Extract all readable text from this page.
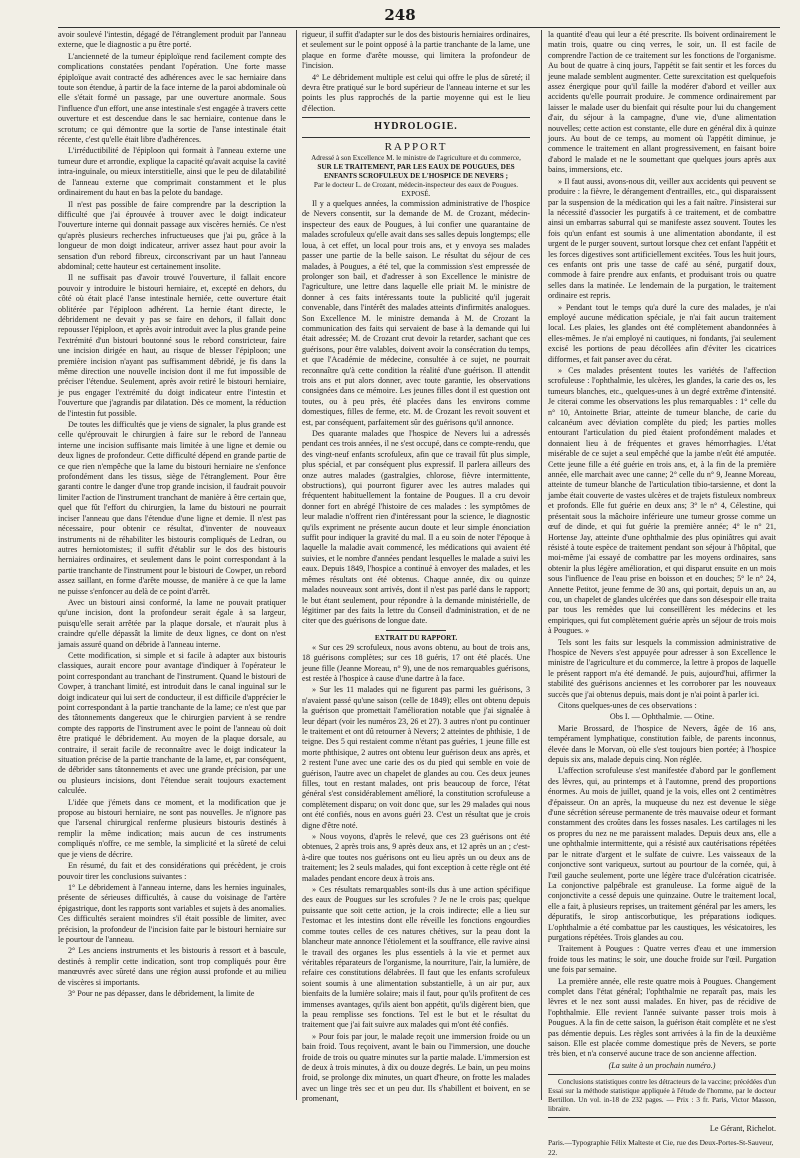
248

avoir soulevé l'intestin, dégagé de l'étranglement produit par l'anneau externe, que le diagnostic a pu être porté.

L'ancienneté de la tumeur épiploïque rend facilement compte des complications constatées pendant l'opération. Une forte masse épiploïque avait contracté des adhérences avec le sac herniaire dans toute son étendue, à partir de la face interne de la paroi abdominale où elle s'était formé un passage, par une ouverture anormale. Sous l'influence d'un effort, une anse intestinale s'est engagée à travers cette ouverture et est descendue dans le sac herniaire, contenue dans le scrotum; ce qui démontre que la sortie de l'anse intestinale était récente, c'est qu'elle était libre d'adhérences.

L'irréductibilité de l'épiploon qui formait à l'anneau externe une tumeur dure et arrondie, explique la capacité qu'avait acquise la cavité intra-inguinale, ou mieux interstitielle, ainsi que le peu de dilatabilité de l'anneau externe que comprimait constamment et le plus ordinairement du haut en bas la pelote du bandage.

Il n'est pas possible de faire comprendre par la description la difficulté que j'ai éprouvée à trouver avec le doigt indicateur l'ouverture interne qui donnait passage aux viscères herniés. Ce n'est qu'après plusieurs recherches infructueuses que j'ai pu, grâce à la longueur de mon doigt indicateur, arriver assez haut pour avoir la sensation d'un rebord fibreux, circonscrivant par un haut l'anneau abdominal; cette hauteur est certainement insolite.

Il ne suffisait pas d'avoir trouvé l'ouverture, il fallait encore pouvoir y introduire le bistouri herniaire, et, excepté en dehors, du côté où était placé l'anse intestinale herniée, cette ouverture était oblitérée par l'épiploon adhérent. La hernie étant directe, le débridement ne devait y pas se faire en dehors, il fallait donc repousser l'épiploon, et après avoir introduit avec la plus grande peine l'extrémité d'un bistouri boutonné sous le rebord constricteur, faire une incision dirigée en haut, au risque de blesser l'épiploon; une première incision n'ayant pas suffisamment débridé, je fis dans la même direction une nouvelle incision dont il me fut impossible de préciser l'étendue. Seulement, après avoir retiré le bistouri herniaire, je pus engager l'extrémité du doigt indicateur entre l'intestin et l'ouverture que j'agrandis par dilatation. Dès ce moment, la réduction de l'intestin fut possible.

De toutes les difficultés que je viens de signaler, la plus grande est celle qu'éprouvait le chirurgien à faire sur le rebord de l'anneau interne une incision suffisante mais limitée à une ligne et demie ou deux lignes de profondeur. Cette difficulté dépend en grande partie de ce que rien n'empêche que la lame du bistouri herniaire ne s'enfonce profondément dans les tissus, siège de l'étranglement. Pour être garanti contre le danger d'une trop grande incision, il faudrait pouvoir limiter l'action de l'instrument tranchant de manière à être certain que, quel que fût l'effort du chirurgien, la lame du bistouri ne pourrait inciser l'anneau que dans l'étendue d'une ligne et demie. Il n'est pas nécessaire, pour obtenir ce résultat, d'inventer de nouveaux instruments ni de réhabiliter les bistouris compliqués de Ledran, ou autres herniotomistes; il suffit d'établir sur le dos des bistouris herniaires ordinaires, et seulement dans le point correspondant à la partie tranchante de l'instrument pour le bistouri de Cowper, un rebord assez saillant, en forme d'arête mousse, de manière à ce que la lame ne puisse s'enfoncer au delà de ce point d'arrêt.

Avec un bistouri ainsi conformé, la lame ne pouvait pratiquer qu'une incision, dont la profondeur serait égale à sa largeur, puisqu'elle serait arrêtée par la plaque dorsale, et n'aurait plus à craindre qu'elle dépassât la limite de deux lignes, ce dont on n'est jamais assuré quand on débride à l'anneau interne.

Cette modification, si simple et si facile à adapter aux bistouris classiques, aurait encore pour avantage d'indiquer à l'opérateur le point correspondant au tranchant de l'instrument. Quand le bistouri de Cowper, à tranchant limité, est introduit dans le canal inguinal sur le doigt indicateur qui lui sert de conducteur, il est difficile d'apprécier le point correspondant à la partie tranchante de la lame; ce n'est que par des tâtonnements dangereux que le chirurgien parvient à se rendre compte des rapports de l'instrument avec le point de l'anneau où doit être pratiqué le débridement. Au moyen de la plaque dorsale, au contraire, il serait facile de reconnaître avec le doigt indicateur la situation précise de la partie tranchante de la lame, et, par conséquent, de débrider sans tâtonnements et avec une grande précision, par une ou plusieurs incisions, dont l'étendue serait toujours exactement calculée.

L'idée que j'émets dans ce moment, et la modification que je propose au bistouri herniaire, ne sont pas nouvelles. Je n'ignore pas que l'arsenal chirurgical renferme plusieurs bistouris destinés à remplir la même indication; mais aucun de ces instruments compliqués n'offre, ce me semble, la simplicité et la sûreté de celui que je viens de décrire.

En résumé, du fait et des considérations qui précèdent, je crois pouvoir tirer les conclusions suivantes :

1° Le débridement à l'anneau interne, dans les hernies inguinales, présente de sérieuses difficultés, à cause du voisinage de l'artère épigastrique, dont les rapports sont variables et sujets à des anomalies. Ces difficultés seraient moindres s'il était possible de limiter, avec précision, la profondeur de l'incision faite par le bistouri herniaire sur le pourtour de l'anneau.

2° Les anciens instruments et les bistouris à ressort et à bascule, destinés à remplir cette indication, sont trop compliqués pour être manœuvrés avec sûreté dans une région aussi profonde et au milieu de viscères si importants.

3° Pour ne pas dépasser, dans le débridement, la limite de

rigueur, il suffit d'adapter sur le dos des bistouris herniaires ordinaires, et seulement sur le point opposé à la partie tranchante de la lame, une plaque en forme d'arête mousse, qui limitera la profondeur de l'incision.

4° Le débridement multiple est celui qui offre le plus de sûreté; il devra être pratiqué sur le bord supérieur de l'anneau interne et sur les points les plus rapprochés de la partie moyenne qui est le lieu d'élection.

HYDROLOGIE.
RAPPORT
Adressé à son Excellence M. le ministre de l'agriculture et du commerce,
SUR LE TRAITEMENT, PAR LES EAUX DE POUGUES, DES ENFANTS SCROFULEUX DE L'HOSPICE DE NEVERS ;
Par le docteur L. de Crozant, médecin-inspecteur des eaux de Pougues.
EXPOSÉ.

Il y a quelques années, la commission administrative de l'hospice de Nevers consentit, sur la demande de M. de Crozant, médecin-inspecteur des eaux de Pougues, à lui confier une quarantaine de malades scrofuleux qu'elle avait dans ses salles depuis longtemps; elle loua, à cet effet, un local pour trois ans, et y envoya ses malades passer une partie de la belle saison. Le résultat du séjour de ces malades, à Pougues, a été tel, que la commission s'est empressée de prolonger son bail, et d'adresser à son Excellence le ministre de l'agriculture, une lettre dans laquelle elle priait M. le ministre de donner à ces faits intéressants toute la publicité qu'il jugerait convenable, dans l'intérêt des malades atteints d'infirmités analogues. Son Excellence M. le ministre demanda à M. de Crozant la communication des faits qui servaient de base à la demande qui lui était adressée; M. de Crozant crut devoir la retarder, sachant que ces guérisons, pour être valables, doivent avoir la consécration du temps, et que l'Académie de médecine, consultée à ce sujet, ne pourrait reconnaître qu'à cette condition la réalité d'une guérison. Il attendit trois ans et put alors donner, avec toute garantie, les observations consignées dans ce mémoire. Les jeunes filles dont il est question ont toutes, ou à peu près, été placées dans les environs comme domestiques, filles de ferme, etc. M. de Crozant les revoit souvent et est, par conséquent, parfaitement sûr des guérisons qu'il annonce.

Des quarante malades que l'hospice de Nevers lui a adressés pendant ces trois années, il ne s'est occupé, dans ce compte-rendu, que des vingt-neuf enfants scrofuleux, afin que ce travail fût plus simple, plus spécial, et par conséquent plus expressif. Il parlera ailleurs des onze autres malades (gastralgies, chlorose, fièvre intermittente, obstructions), qui pourront figurer avec les autres malades qui fréquentent habituellement la fontaine de Pougues. Il a cru devoir donner fort en abrégé l'histoire de ces malades : les symptômes de leur maladie n'offrent rien d'intéressant pour la science, le diagnostic qu'ils expriment ne présente aucun doute et leur simple énonciation suffit pour indiquer la gravité du mal. Il a eu soin de noter l'époque à laquelle la maladie avait commencé, les médications qui avaient été suivies, et le nombre d'années pendant lesquelles le malade a suivi les eaux. Depuis 1849, l'hospice a continué à envoyer des malades, et les mêmes résultats ont été obtenus. Chaque année, dix ou quinze malades nouveaux sont arrivés, dont il n'est pas parlé dans le rapport; le but étant seulement, pour répondre à la demande ministérielle, de légitimer par des faits la lettre du Conseil d'administration, et de ne citer que des guérisons de longue date.

EXTRAIT DU RAPPORT.

« Sur ces 29 scrofuleux, nous avons obtenu, au bout de trois ans, 18 guérisons complètes; sur ces 18 guéris, 17 ont été placés. Une jeune fille (Jeanne Moreau, n° 9), une de nos remarquables guérisons, est restée à l'hospice à cause d'une dartre à la face.

» Sur les 11 malades qui ne figurent pas parmi les guérisons, 3 n'avaient passé qu'une saison (celle de 1849); elles ont obtenu depuis la guérison que promettait l'amélioration notable que j'ai signalée à leur départ (voir les numéros 23, 26 et 27). 3 autres n'ont pu continuer le traitement et ont dû retourner à Nevers; 2 atteintes de phthisie, 1 de teigne. Des 5 qui restaient comme n'étant pas guéries, 1 jeune fille est morte phthisique, 2 autres ont obtenu leur guérison deux ans après, et 2 restent l'une avec une carie des os du pied qui semble en voie de guérison, l'autre avec un chapelet de glandes au cou. Ces deux jeunes filles, tout en restant malades, ont pris beaucoup de force, l'état général s'est considérablement amélioré, la constitution scrofuleuse a complètement disparu; on voit donc que, sur les 29 malades qui nous ont été confiés, nous en avons guéri 23. C'est un résultat que je crois digne d'être noté.

» Nous voyons, d'après le relevé, que ces 23 guérisons ont été obtenues, 2 après trois ans, 9 après deux ans, et 12 après un an ; c'est-à-dire que toutes nos guérisons ont eu lieu après un ou deux ans de traitement; les 2 seuls malades, qui font exception à cette règle ont été malades pendant encore deux à trois ans.

» Ces résultats remarquables sont-ils dus à une action spécifique des eaux de Pougues sur les scrofules ? Je ne le crois pas; quelque puissante que soit cette action, je la crois indirecte; elle a lieu sur l'estomac et les intestins dont elle réveille les fonctions engourdies comme toutes celles de ces natures chétives, sur la peau dont la blancheur mate annonce l'étiolement et la souffrance, elle ravive ainsi le travail des organes les plus essentiels à la vie et permet aux véritables réparateurs de l'organisme, la nourriture, l'air, la lumière, de refaire ces constitutions délabrées. Il faut que les enfants scrofuleux soient soumis à une alimentation substantielle, à un air pur, aux bienfaits de la lumière solaire; mais il faut, pour qu'ils profitent de ces immenses avantages, qu'ils aient bon appétit, qu'ils digèrent bien, que la peau remplisse ses fonctions. Tel est le but et le résultat du traitement que j'ai fait suivre aux malades qui m'ont été confiés.

» Pour fois par jour, le malade reçoit une immersion froide ou un bain froid. Tous reçoivent, avant le bain ou l'immersion, une douche froide de trois ou quatre minutes sur la partie malade. L'immersion est de deux à trois minutes, à dix ou douze degrés. Le bain, un peu moins froid, se prolonge dix minutes, un quart d'heure, on frotte les malades avec un linge très sec et un peu dur. Ils s'habillent et boivent, en se promenant,

la quantité d'eau qui leur a été prescrite. Ils boivent ordinairement le matin trois, quatre ou cinq verres, le soir, un. Il est facile de comprendre l'action de ce traitement sur les fonctions de l'organisme. Au bout de quatre à cinq jours, l'appétit se fait sentir et les forces du jeune malade semblent augmenter. Cette surexcitation est quelquefois assez énergique pour qu'il faille la modérer d'abord et veiller aux accidents qu'elle pourrait produire. Je commence ordinairement par laisser le malade user du bienfait qui résulte pour lui du changement d'air, du séjour à la campagne, d'une vie, d'une alimentation nouvelles; cette action est constante, elle dure en général dix à quinze jours. Au bout de ce temps, au moment où l'appétit diminue, je commence le traitement en allant progressivement, en faisant boire d'abord le malade et ne le soumettant que quelques jours après aux bains, immersions, etc.

» Il faut aussi, avons-nous dit, veiller aux accidents qui peuvent se produire : la fièvre, le dérangement d'entrailles, etc., qui disparaissent par la suspension de la médication qui les a fait naître. J'insisterai sur la nécessité d'associer les purgatifs à ce traitement, et de combattre ainsi un embarras saburral qui se manifeste assez souvent. Toutes les fois qu'un enfant est soumis à une alimentation abondante, il est urgent de le purger souvent, surtout lorsque chez cet enfant l'appétit et les forces digestives sont artificiellement excitées. Tous les huit jours, ces enfants ont pris une tasse de café au séné, purgatif doux, commode à faire prendre aux enfants, et produisant trois ou quatre selles dans la matinée. Le lendemain de la purgation, le traitement ordinaire est repris.

» Pendant tout le temps qu'a duré la cure des malades, je n'ai employé aucune médication spéciale, je n'ai fait aucun traitement local. Les plaies, les glandes ont été complètement abandonnées à elles-mêmes. Je n'ai employé ni cautiques, ni fondants, j'ai seulement excisé les portions de peau décollées afin d'éviter les cicatrices difformes, et fait panser avec du cérat.

» Ces malades présentent toutes les variétés de l'affection scrofuleuse : l'ophthalmie, les ulcères, les glandes, la carie des os, les tumeurs blanches, etc., quelques-unes à un degré extrême d'intensité. Je citerai comme les observations les plus remarquables : 1° celle du n° 10, Antoinette Briar, atteinte de tumeur blanche, de carie du calcanéum avec déviation complète du pied; les parties molles entourant l'articulation du pied étaient profondément malades et donnaient lieu à de fréquentes et graves hémorrhagies. L'état misérable de ce sujet a seul empêché que la jambe n'eût été amputée. Cette jeune fille a été guérie en trois ans, et, à la fin de la première année, elle marchait avec une canne; 2° celle du n° 9, Jeanne Moreau, atteinte de tumeur blanche de l'articulation tibio-tarsienne, et dont la jambe était couverte de vastes ulcères et de trajets fistuleux nombreux et profonds. Elle fut guérie en deux ans; 3° le n° 4, Célestine, qui présentait sous la mâchoire inférieure une tumeur grosse comme un œuf de dinde, et qui fut guérie la première année; 4° le n° 21, Hortense Jay, atteinte d'une ophthalmie des plus opiniâtres qui avait résisté à toute espèce de traitement pendant son séjour à l'hôpital, que moi-même j'ai essayé de combattre par les moyens ordinaires, sans obtenir la plus légère amélioration, et qui disparut ensuite en un mois sous l'influence de l'eau prise en boisson et en douches; 5° le n° 24, Annette Petitot, jeune femme de 30 ans, qui portait, depuis un an, au cou, un chapelet de glandes ulcérées que dans son désespoir elle traita par tous les remèdes que lui conseillèrent les médecins et les empiriques, qui fut complètement guérie après un séjour de trois mois à Pougues. »

Tels sont les faits sur lesquels la commission administrative de l'hospice de Nevers s'est appuyée pour adresser à son Excellence le ministre de l'agriculture et du commerce, la lettre à propos de laquelle le présent rapport m'a été demandé. Je puis, aujourd'hui, affirmer la stabilité des guérisons anciennes et les corroborer par les nouveaux succès que j'ai obtenus depuis, mais dont je n'ai point à parler ici.

Citons quelques-unes de ces observations :

Obs I. — Ophthalmie. — Otine.

Marie Brossard, de l'hospice de Nevers, âgée de 16 ans, tempérament lymphatique, constitution faible, de parents inconnus, élevée dans le Morvan, où elle s'est toujours bien portée; à l'hospice depuis six ans, malade depuis cinq. Non réglée.

L'affection scrofuleuse s'est manifestée d'abord par le gonflement des lèvres, qui, au printemps et à l'automne, prend des proportions énormes. Au mois de juillet, quand je la vois, elles ont 2 centimètres d'épaisseur. On an après, la muqueuse du nez est devenue le siège d'une sécrétion séreuse permanente de très mauvaise odeur et formant constamment des croûtes dans les fosses nasales. Les cartilages ni les os propres du nez ne me paraissent malades. Depuis deux ans, elle a une ophthalmie intermittente, qui a résisté aux cautérisations répétées par le nitrate d'argent et le sulfate de cuivre. Les vaisseaux de la conjonctive sont variqueux, surtout au pourtour de la cornée, qui, à l'œil gauche seulement, porte une légère trace d'ulcération cicatrisée. La conjonctive palpébrale est granuleuse. La forme aiguë de la conjonctivite a cessé depuis une quinzaine. Outre le traitement local, elle a fait, à plusieurs reprises, un traitement général par les amers, les dépuratifs, le sirop antiscorbutique, les préparations iodiques. L'ophthalmie a été combattue par les caustiques, les vésicatoires, les purgations répétées. Trois glandes au cou.

Traitement à Pougues : Quatre verres d'eau et une immersion froide tous les matins; le soir, une douche froide sur l'œil. Purgation une fois par semaine.

La première année, elle reste quatre mois à Pougues. Changement complet dans l'état général; l'ophthalmie ne reparaît pas, mais les lèvres et le nez sont aussi malades. En hiver, pas de récidive de l'ophthalmie. Elle revient l'année suivante passer trois mois à Pougues. A la fin de cette saison, la guérison était complète et ne s'est pas démentie depuis. Les règles sont arrivées à la fin de la deuxième saison. Elle est placée comme domestique près de Nevers, se porte très bien, et n'a conservé aucune trace de son ancienne affection.

(La suite à un prochain numéro.)

Conclusions statistiques contre les détracteurs de la vaccine; précédées d'un Essai sur la méthode statistique appliquée à l'étude de l'homme, par le docteur Bertillon. Un vol. in-18 de 232 pages. — Prix : 3 fr. Paris, Victor Masson, libraire.

Le Gérant, Richelot.
Paris.—Typographie Félix Malteste et Cie, rue des Deux-Portes-St-Sauveur, 22.
